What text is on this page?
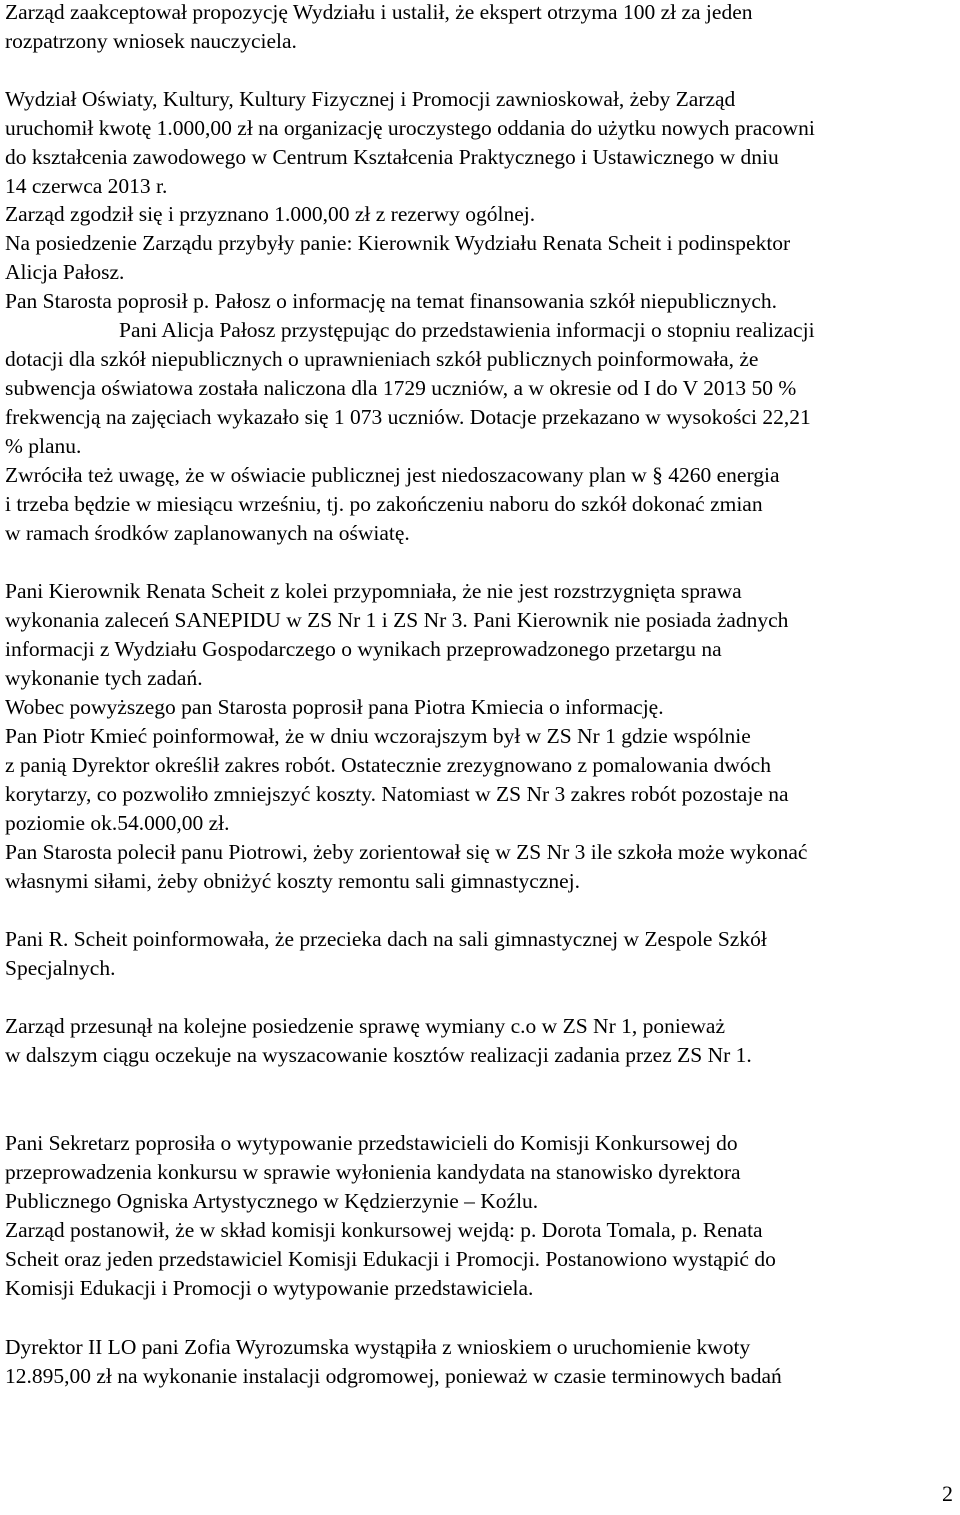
Zarząd zaakceptował propozycję Wydziału i ustalił, że ekspert otrzyma 100 zł za jeden
rozpatrzony wniosek nauczyciela.
Wydział Oświaty, Kultury, Kultury Fizycznej i Promocji zawnioskował, żeby Zarząd
uruchomił kwotę 1.000,00 zł na organizację uroczystego oddania do użytku nowych pracowni
do kształcenia zawodowego w Centrum Kształcenia Praktycznego i Ustawicznego w dniu
14 czerwca 2013 r.
Zarząd zgodził się i przyznano 1.000,00 zł z rezerwy ogólnej.
Na posiedzenie Zarządu przybyły panie: Kierownik Wydziału Renata Scheit i podinspektor
Alicja Pałosz.
Pan Starosta poprosił p. Pałosz o informację na temat finansowania szkół niepublicznych.
Pani Alicja Pałosz przystępując do przedstawienia informacji o stopniu realizacji
dotacji dla szkół niepublicznych o uprawnieniach szkół publicznych poinformowała, że
subwencja oświatowa została naliczona dla 1729 uczniów, a w okresie od I do V 2013 50 %
frekwencją na zajęciach wykazało się 1 073 uczniów. Dotacje przekazano w wysokości 22,21
% planu.
Zwróciła też uwagę, że w oświacie publicznej jest niedoszacowany plan w § 4260 energia
i trzeba będzie w miesiącu wrześniu, tj. po zakończeniu naboru do szkół dokonać zmian
w ramach środków zaplanowanych na oświatę.
Pani Kierownik Renata Scheit z kolei przypomniała, że nie jest rozstrzygnięta sprawa
wykonania zaleceń SANEPIDU w ZS Nr 1 i ZS Nr 3. Pani Kierownik nie posiada żadnych
informacji z Wydziału Gospodarczego o wynikach przeprowadzonego przetargu na
wykonanie tych zadań.
Wobec powyższego pan Starosta poprosił pana Piotra Kmiecia o informację.
Pan Piotr Kmieć poinformował, że w dniu wczorajszym był w ZS Nr 1 gdzie wspólnie
z panią Dyrektor określił zakres robót. Ostatecznie zrezygnowano z pomalowania dwóch
korytarzy, co pozwoliło zmniejszyć koszty. Natomiast w ZS Nr 3 zakres robót pozostaje na
poziomie ok.54.000,00 zł.
Pan Starosta polecił panu Piotrowi, żeby zorientował się w ZS Nr 3 ile szkoła może wykonać
własnymi siłami, żeby obniżyć koszty remontu sali gimnastycznej.
Pani R. Scheit poinformowała, że przecieka dach na sali gimnastycznej w Zespole Szkół
Specjalnych.
Zarząd przesunął na kolejne posiedzenie sprawę wymiany c.o w ZS Nr 1, ponieważ
w dalszym ciągu oczekuje na wyszacowanie kosztów realizacji zadania przez ZS Nr 1.
Pani Sekretarz poprosiła o wytypowanie przedstawicieli do Komisji Konkursowej do
przeprowadzenia konkursu w sprawie wyłonienia kandydata na stanowisko dyrektora
Publicznego Ogniska Artystycznego w Kędzierzynie – Koźlu.
Zarząd postanowił, że w skład komisji konkursowej wejdą: p. Dorota Tomala, p. Renata
Scheit oraz jeden przedstawiciel Komisji Edukacji i Promocji. Postanowiono wystąpić do
Komisji Edukacji i Promocji o wytypowanie przedstawiciela.
Dyrektor II LO pani Zofia Wyrozumska wystąpiła z wnioskiem o uruchomienie kwoty
12.895,00 zł na wykonanie instalacji odgromowej, ponieważ w czasie terminowych badań
2
